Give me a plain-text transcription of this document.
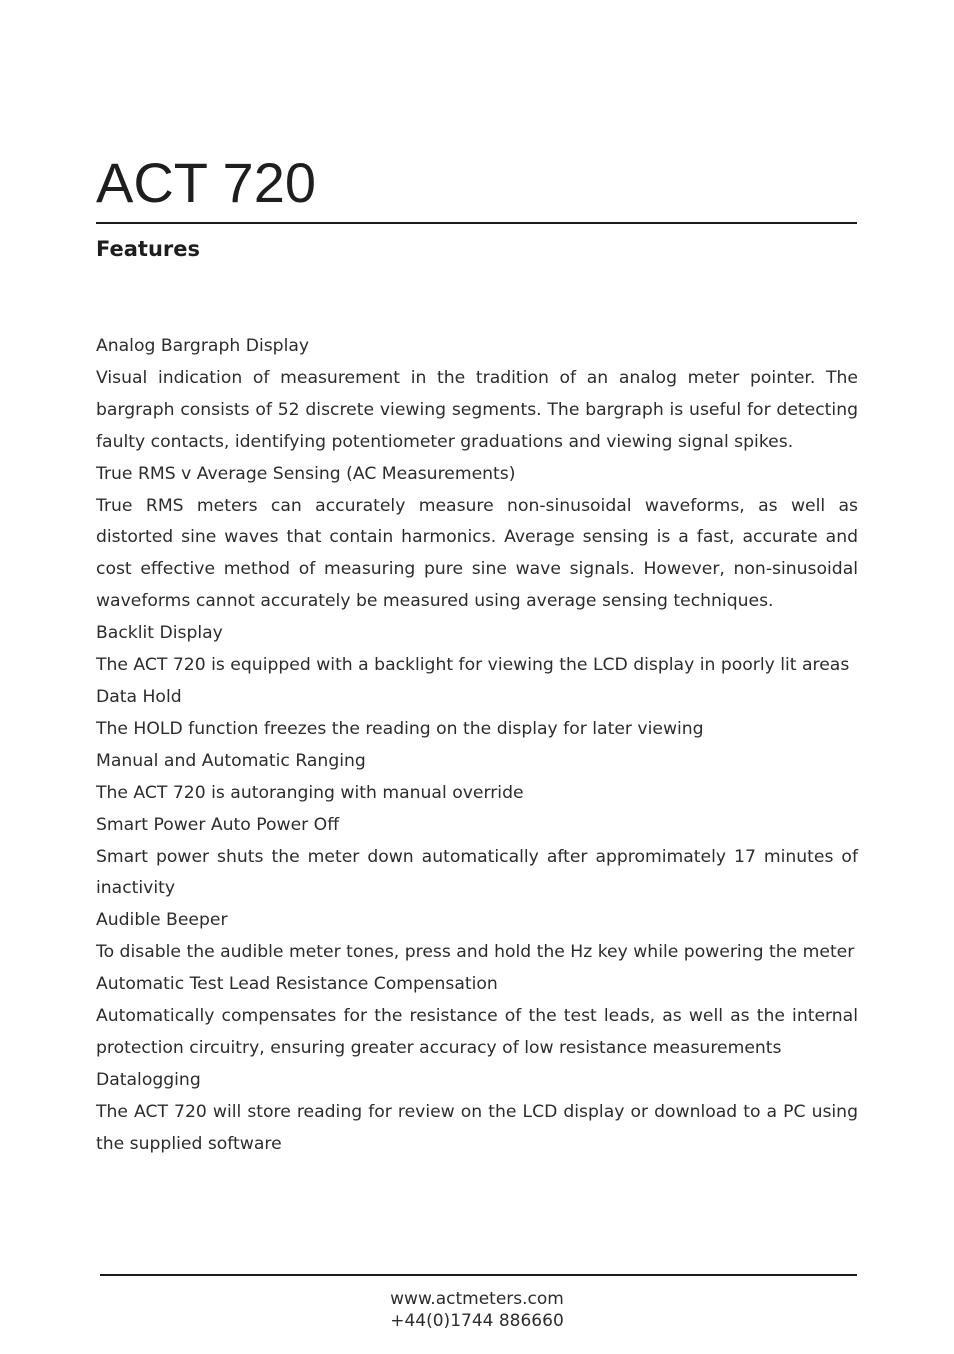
ACT 720
Features

Analog Bargraph Display

Visual indication of measurement in the tradition of an analog meter pointer. The bargraph consists of 52 discrete viewing segments. The bargraph is useful for detecting faulty contacts, identifying potentiometer graduations and viewing signal spikes.

True RMS v Average Sensing (AC Measurements)

True RMS meters can accurately measure non-sinusoidal waveforms, as well as distorted sine waves that contain harmonics. Average sensing is a fast, accurate and cost effective method of measuring pure sine wave signals. However, non-sinusoidal waveforms cannot accurately be measured using average sensing techniques.

Backlit Display

The ACT 720 is equipped with a backlight for viewing the LCD display in poorly lit areas

Data Hold

The HOLD function freezes the reading on the display for later viewing

Manual and Automatic Ranging

The ACT 720 is autoranging with manual override

Smart Power Auto Power Off

Smart power shuts the meter down automatically after appromimately 17 minutes of inactivity

Audible Beeper

To disable the audible meter tones, press and hold the Hz key while powering the meter

Automatic Test Lead Resistance Compensation

Automatically compensates for the resistance of the test leads, as well as the internal protection circuitry, ensuring greater accuracy of low resistance measurements

Datalogging

The ACT 720 will store reading for review on the LCD display or download to a PC using the supplied software

www.actmeters.com
+44(0)1744 886660
